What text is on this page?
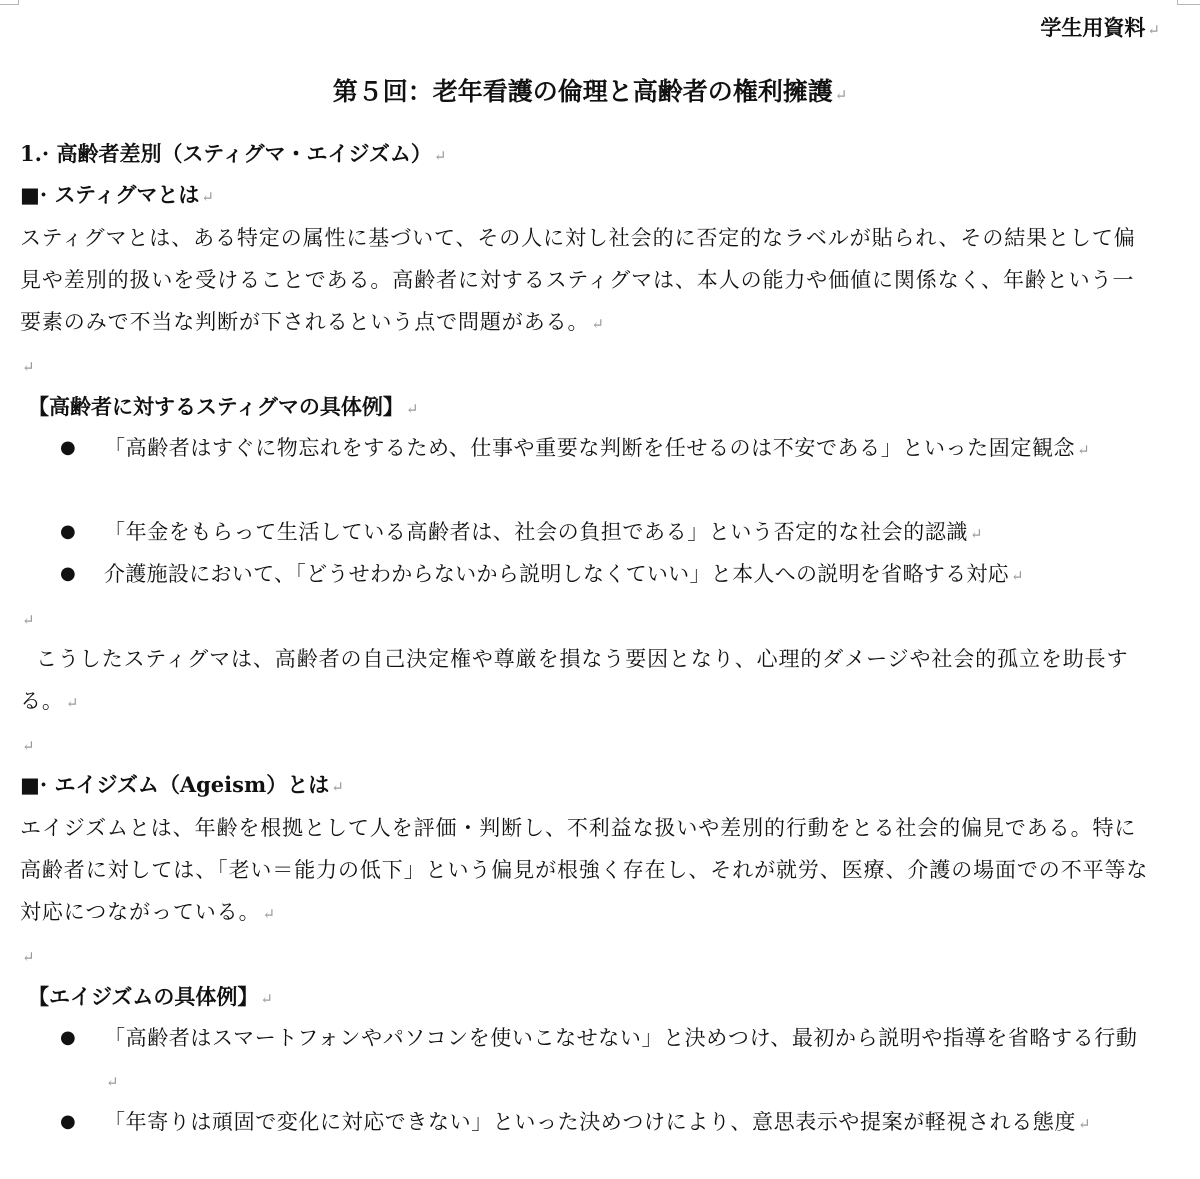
学生用資料 ↵
第５回：老年看護の倫理と高齢者の権利擁護 ↵
1.· 高齢者差別（スティグマ・エイジズム） ↵
■· スティグマとは ↵
スティグマとは、ある特定の属性に基づいて、その人に対し社会的に否定的なラベルが貼られ、その結果として偏見や差別的扱いを受けることである。高齢者に対するスティグマは、本人の能力や価値に関係なく、年齢という一要素のみで不当な判断が下されるという点で問題がある。 ↵
↵
【高齢者に対するスティグマの具体例】 ↵
● 「高齢者はすぐに物忘れをするため、仕事や重要な判断を任せるのは不安である」といった固定観念 ↵
● 「年金をもらって生活している高齢者は、社会の負担である」という否定的な社会的認識 ↵
● 介護施設において、「どうせわからないから説明しなくていい」と本人への説明を省略する対応 ↵
↵
こうしたスティグマは、高齢者の自己決定権や尊厳を損なう要因となり、心理的ダメージや社会的孤立を助長する。 ↵
↵
■· エイジズム（Ageism）とは ↵
エイジズムとは、年齢を根拠として人を評価・判断し、不利益な扱いや差別的行動をとる社会的偏見である。特に高齢者に対しては、「老い＝能力の低下」という偏見が根強く存在し、それが就労、医療、介護の場面での不平等な対応につながっている。 ↵
↵
【エイジズムの具体例】 ↵
● 「高齢者はスマートフォンやパソコンを使いこなせない」と決めつけ、最初から説明や指導を省略する行動↵
● 「年寄りは頑固で変化に対応できない」といった決めつけにより、意思表示や提案が軽視される態度 ↵
